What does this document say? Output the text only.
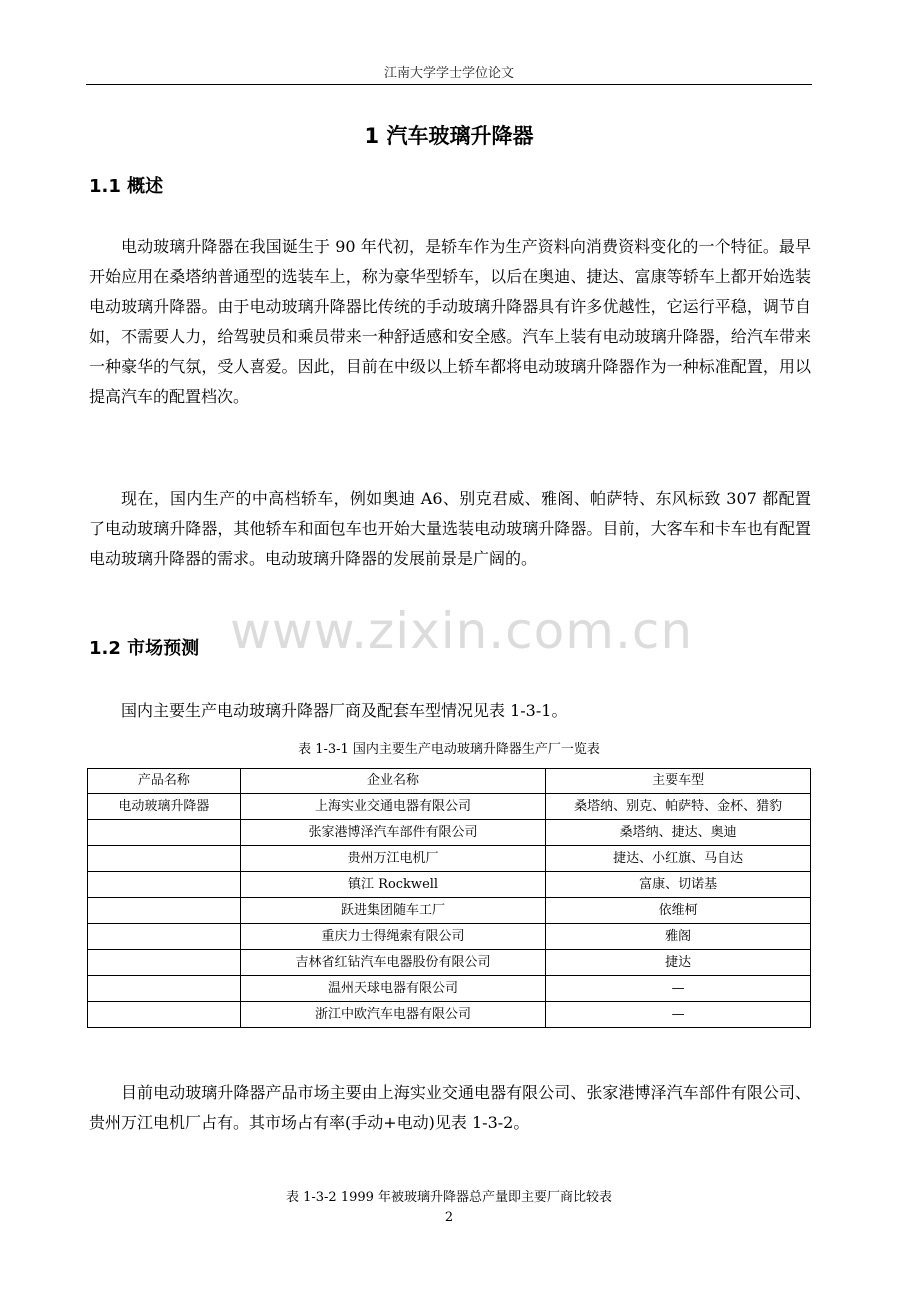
江南大学学士学位论文
1 汽车玻璃升降器
1.1 概述

电动玻璃升降器在我国诞生于 90 年代初，是轿车作为生产资料向消费资料变化的一个特征。最早开始应用在桑塔纳普通型的选装车上，称为豪华型轿车，以后在奥迪、捷达、富康等轿车上都开始选装电动玻璃升降器。由于电动玻璃升降器比传统的手动玻璃升降器具有许多优越性，它运行平稳，调节自如，不需要人力，给驾驶员和乘员带来一种舒适感和安全感。汽车上装有电动玻璃升降器，给汽车带来一种豪华的气氛，受人喜爱。因此，目前在中级以上轿车都将电动玻璃升降器作为一种标准配置，用以提高汽车的配置档次。

现在，国内生产的中高档轿车，例如奥迪 A6、别克君威、雅阁、帕萨特、东风标致 307 都配置了电动玻璃升降器，其他轿车和面包车也开始大量选装电动玻璃升降器。目前，大客车和卡车也有配置电动玻璃升降器的需求。电动玻璃升降器的发展前景是广阔的。

www.zixin.com.cn
1.2 市场预测

国内主要生产电动玻璃升降器厂商及配套车型情况见表 1-3-1。

表 1-3-1 国内主要生产电动玻璃升降器生产厂一览表
产品名称	企业名称	主要车型
电动玻璃升降器	上海实业交通电器有限公司	桑塔纳、别克、帕萨特、金杯、猎豹
	张家港博泽汽车部件有限公司	桑塔纳、捷达、奥迪
	贵州万江电机厂	捷达、小红旗、马自达
	镇江 Rockwell	富康、切诺基
	跃进集团随车工厂	依维柯
	重庆力士得绳索有限公司	雅阁
	吉林省红钻汽车电器股份有限公司	捷达
	温州天球电器有限公司	—
	浙江中欧汽车电器有限公司	—

目前电动玻璃升降器产品市场主要由上海实业交通电器有限公司、张家港博泽汽车部件有限公司、贵州万江电机厂占有。其市场占有率(手动+电动)见表 1-3-2。

表 1-3-2 1999 年被玻璃升降器总产量即主要厂商比较表
2
